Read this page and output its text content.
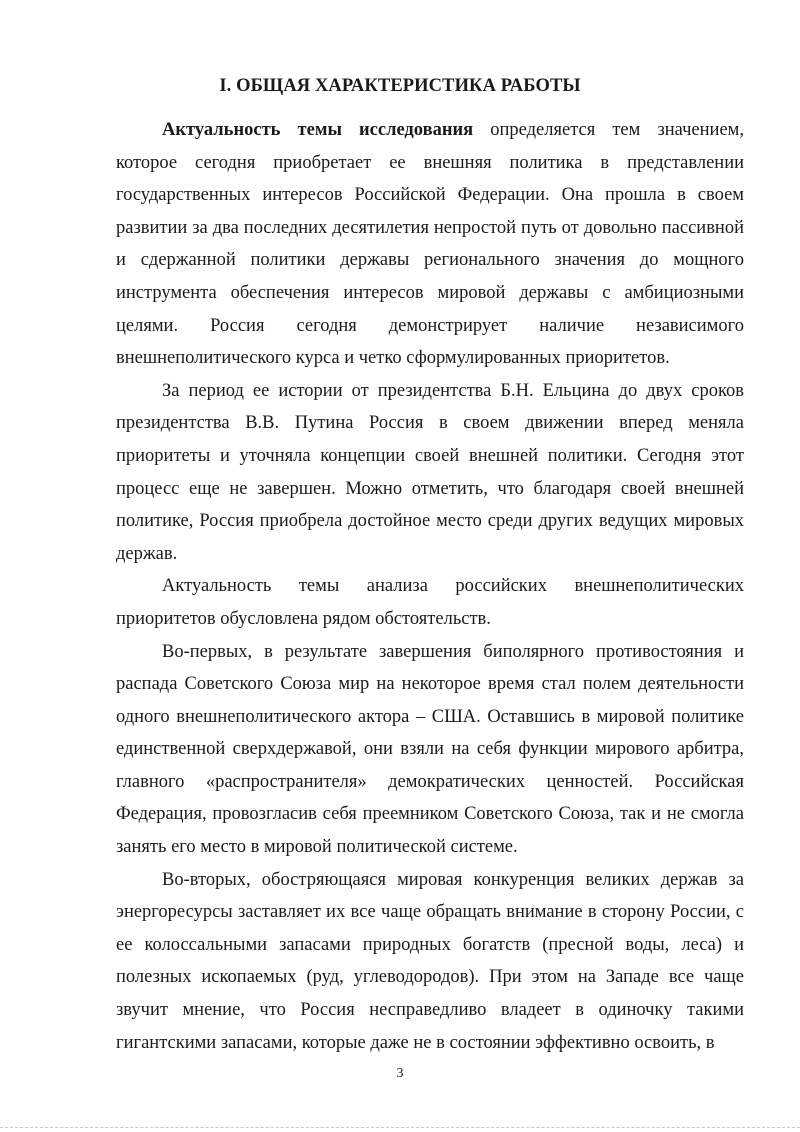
I. ОБЩАЯ ХАРАКТЕРИСТИКА РАБОТЫ

Актуальность темы исследования определяется тем значением, которое сегодня приобретает ее внешняя политика в представлении государственных интересов Российской Федерации. Она прошла в своем развитии за два последних десятилетия непростой путь от довольно пассивной и сдержанной политики державы регионального значения до мощного инструмента обеспечения интересов мировой державы с амбициозными целями. Россия сегодня демонстрирует наличие независимого внешнеполитического курса и четко сформулированных приоритетов.

За период ее истории от президентства Б.Н. Ельцина до двух сроков президентства В.В. Путина Россия в своем движении вперед меняла приоритеты и уточняла концепции своей внешней политики. Сегодня этот процесс еще не завершен. Можно отметить, что благодаря своей внешней политике, Россия приобрела достойное место среди других ведущих мировых держав.

Актуальность темы анализа российских внешнеполитических приоритетов обусловлена рядом обстоятельств.

Во-первых, в результате завершения биполярного противостояния и распада Советского Союза мир на некоторое время стал полем деятельности одного внешнеполитического актора – США. Оставшись в мировой политике единственной сверхдержавой, они взяли на себя функции мирового арбитра, главного «распространителя» демократических ценностей. Российская Федерация, провозгласив себя преемником Советского Союза, так и не смогла занять его место в мировой политической системе.

Во-вторых, обостряющаяся мировая конкуренция великих держав за энергоресурсы заставляет их все чаще обращать внимание в сторону России, с ее колоссальными запасами природных богатств (пресной воды, леса) и полезных ископаемых (руд, углеводородов). При этом на Западе все чаще звучит мнение, что Россия несправедливо владеет в одиночку такими гигантскими запасами, которые даже не в состоянии эффективно освоить, в

3
